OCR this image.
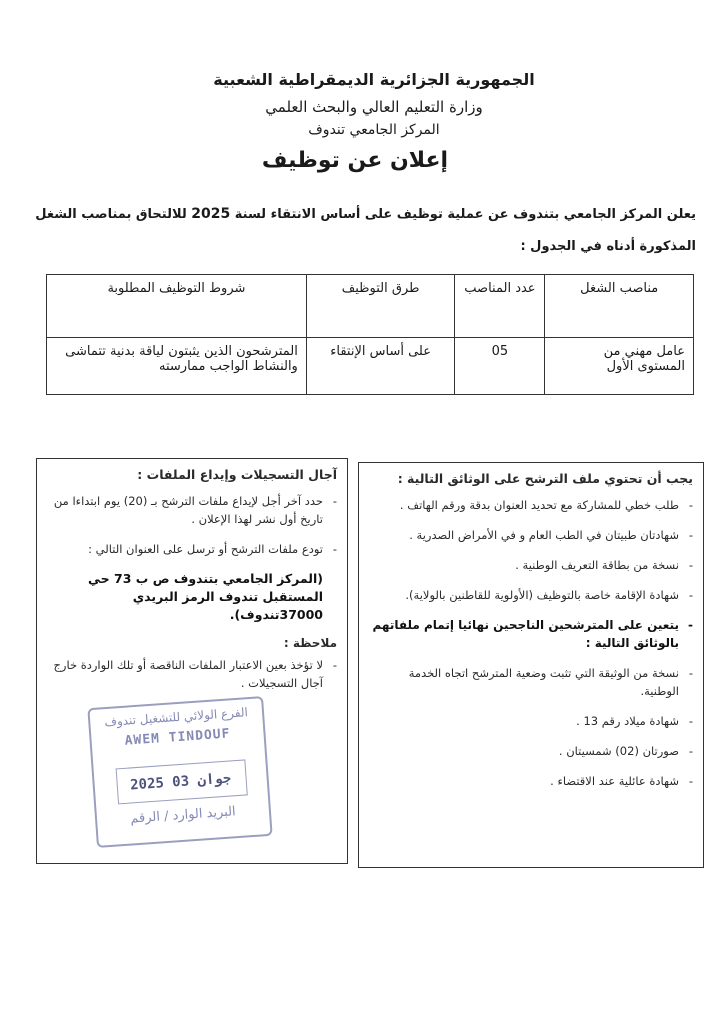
الجمهورية الجزائرية الديمقراطية الشعبية
وزارة التعليم العالي والبحث العلمي
المركز الجامعي تندوف
إعلان عن توظيف
يعلن المركز الجامعي بتندوف عن عملية توظيف على أساس الانتقاء لسنة 2025 للالتحاق بمناصب الشغل المذكورة أدناه في الجدول :
مناصب الشغل	عدد المناصب	طرق التوظيف	شروط التوظيف المطلوبة
عامل مهني من المستوى الأول	05	على أساس الإنتقاء	المترشحون الذين يثبتون لياقة بدنية تتماشى والنشاط الواجب ممارسته
يجب أن تحتوي ملف الترشح على الوثائق التالية :
- طلب خطي للمشاركة مع تحديد العنوان بدقة ورقم الهاتف .
- شهادتان طبيتان في الطب العام و في الأمراض الصدرية .
- نسخة من بطاقة التعريف الوطنية .
- شهادة الإقامة خاصة بالتوظيف (الأولوية للقاطنين بالولاية).
- يتعين على المترشحين الناجحين نهائيا إتمام ملفاتهم بالوثائق التالية :
- نسخة من الوثيقة التي تثبت وضعية المترشح اتجاه الخدمة الوطنية.
- شهادة ميلاد رقم 13 .
- صورتان (02) شمسيتان .
- شهادة عائلية عند الاقتضاء .
آجال التسجيلات وإيداع الملفات :
- حدد آخر أجل لإيداع ملفات الترشح بـ (20) يوم ابتداءا من تاريخ أول نشر لهذا الإعلان .
- تودع ملفات الترشح أو ترسل على العنوان التالي :
(المركز الجامعي بتندوف ص ب 73 حي المستقبل تندوف الرمز البريدي 37000تندوف).
ملاحظة :
- لا تؤخذ بعين الاعتبار الملفات الناقصة أو تلك الواردة خارج آجال التسجيلات .
الفرع الولائي للتشغيل تندوف
AWEM TINDOUF
2025 جوان 03
البريد الوارد / الرقم
